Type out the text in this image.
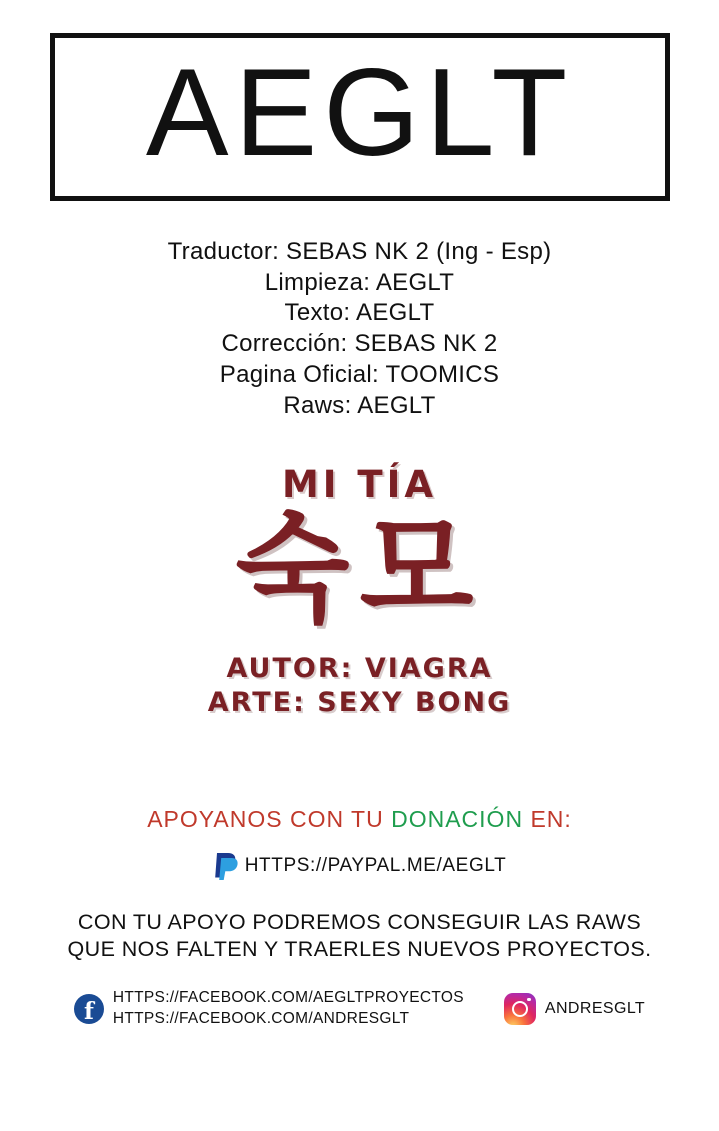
AEGLT
Traductor: SEBAS NK 2 (Ing - Esp)
Limpieza: AEGLT
Texto: AEGLT
Corrección: SEBAS NK 2
Pagina Oficial: TOOMICS
Raws: AEGLT
MI TÍA
숙모
AUTOR: VIAGRA
ARTE: SEXY BONG
APOYANOS CON TU DONACIÓN EN:
HTTPS://PAYPAL.ME/AEGLT
CON TU APOYO PODREMOS CONSEGUIR LAS RAWS
QUE NOS FALTEN Y TRAERLES NUEVOS PROYECTOS.
f	HTTPS://FACEBOOK.COM/AEGLTPROYECTOS
HTTPS://FACEBOOK.COM/ANDRESGLT
ANDRESGLT
